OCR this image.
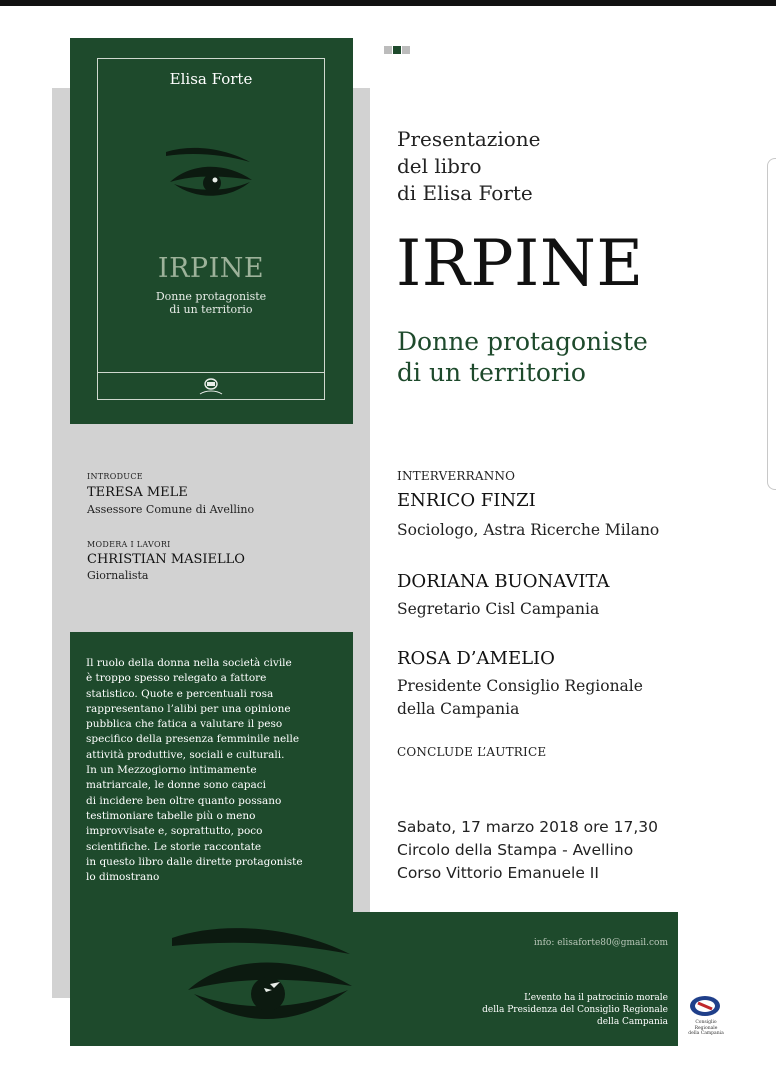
Elisa Forte
IRPINE
Donne protagoniste
di un territorio
Presentazione
del libro
di Elisa Forte
IRPINE
Donne protagoniste
di un territorio
INTRODUCE
TERESA MELE
Assessore Comune di Avellino
MODERA I LAVORI
CHRISTIAN MASIELLO
Giornalista
Il ruolo della donna nella società civile
è troppo spesso relegato a fattore
statistico. Quote e percentuali rosa
rappresentano l’alibi per una opinione
pubblica che fatica a valutare il peso
specifico della presenza femminile nelle
attività produttive, sociali e culturali.
In un Mezzogiorno intimamente
matriarcale, le donne sono capaci
di incidere ben oltre quanto possano
testimoniare tabelle più o meno
improvvisate e, soprattutto, poco
scientifiche. Le storie raccontate
in questo libro dalle dirette protagoniste
lo dimostrano
INTERVERRANNO
ENRICO FINZI
Sociologo, Astra Ricerche Milano
DORIANA BUONAVITA
Segretario Cisl Campania
ROSA D’AMELIO
Presidente Consiglio Regionale
della Campania
CONCLUDE L’AUTRICE
Sabato, 17 marzo 2018 ore 17,30
Circolo della Stampa - Avellino
Corso Vittorio Emanuele II
info: elisaforte80@gmail.com
L’evento ha il patrocinio morale
della Presidenza del Consiglio Regionale
della Campania	Consiglio Regionale
della Campania
